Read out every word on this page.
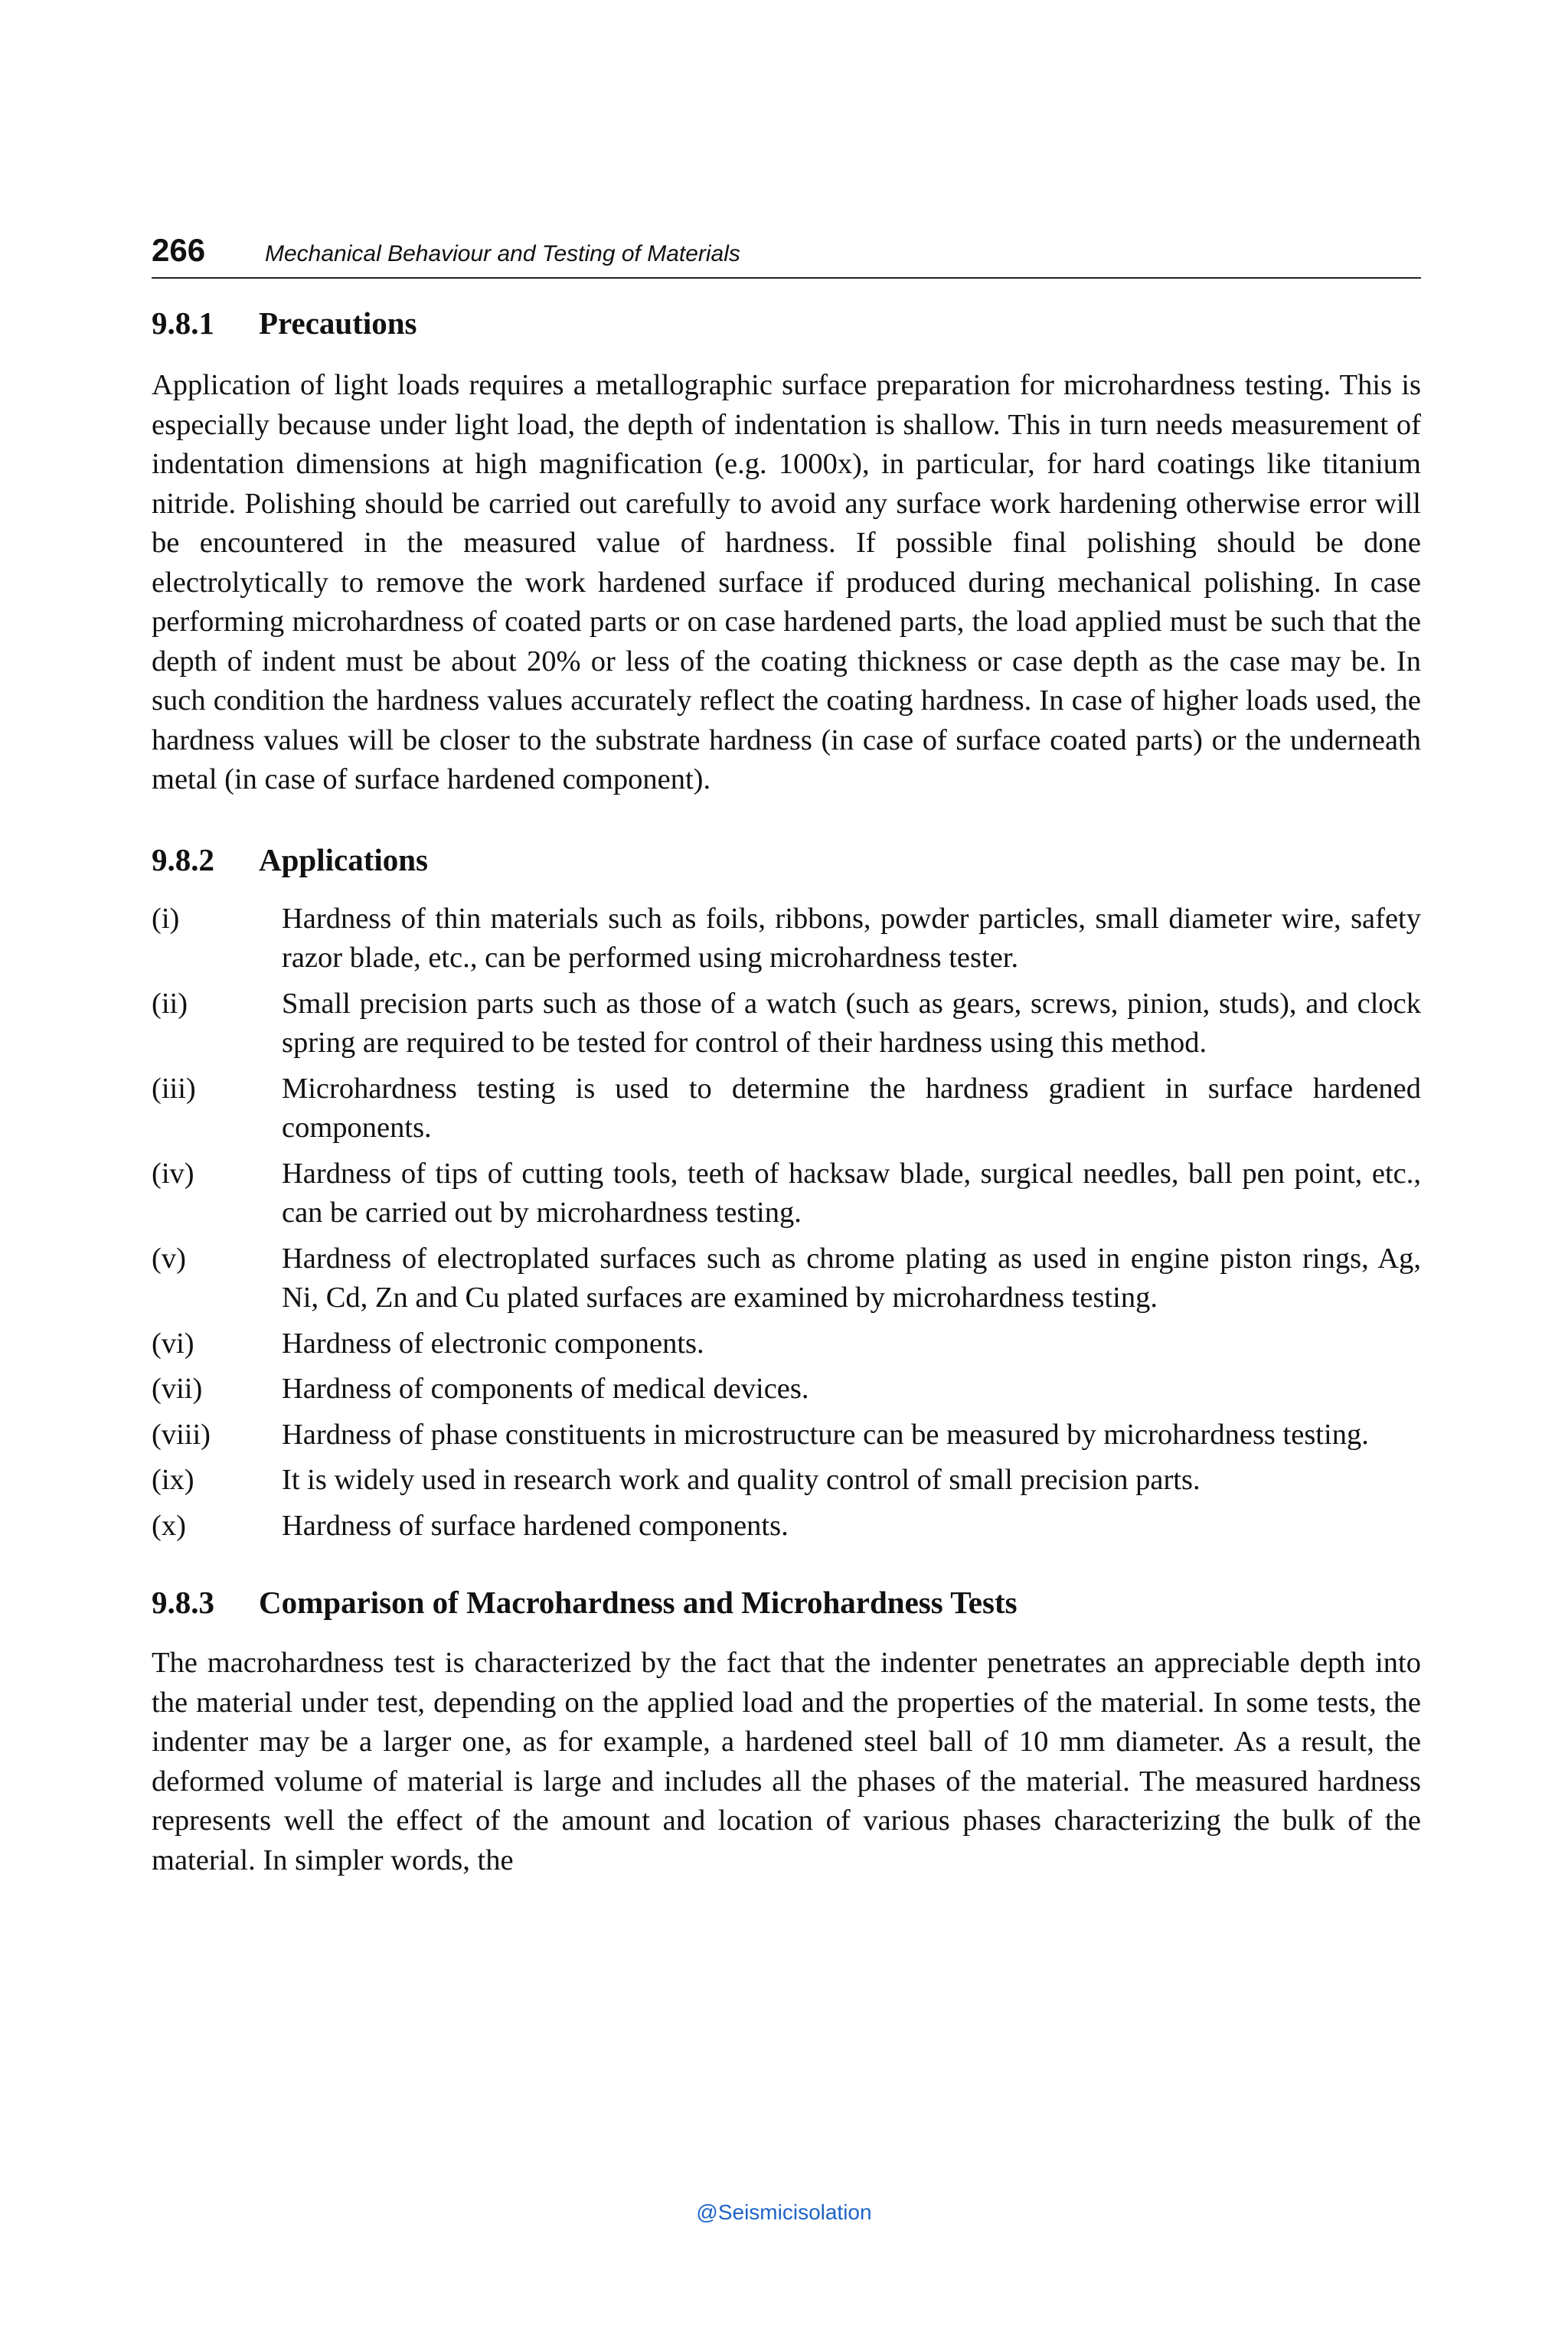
266	Mechanical Behaviour and Testing of Materials
9.8.1 Precautions

Application of light loads requires a metallographic surface preparation for microhardness testing. This is especially because under light load, the depth of indentation is shallow. This in turn needs measurement of indentation dimensions at high magnification (e.g. 1000x), in particular, for hard coatings like titanium nitride. Polishing should be carried out carefully to avoid any surface work hardening otherwise error will be encountered in the measured value of hardness. If possible final polishing should be done electrolytically to remove the work hardened surface if produced during mechanical polishing. In case performing microhardness of coated parts or on case hardened parts, the load applied must be such that the depth of indent must be about 20% or less of the coating thickness or case depth as the case may be. In such condition the hardness values accurately reflect the coating hardness. In case of higher loads used, the hardness values will be closer to the substrate hardness (in case of surface coated parts) or the underneath metal (in case of surface hardened component).

9.8.2 Applications
(i)	Hardness of thin materials such as foils, ribbons, powder particles, small diameter wire, safety razor blade, etc., can be performed using microhardness tester.
(ii)	Small precision parts such as those of a watch (such as gears, screws, pinion, studs), and clock spring are required to be tested for control of their hardness using this method.
(iii)	Microhardness testing is used to determine the hardness gradient in surface hardened components.
(iv)	Hardness of tips of cutting tools, teeth of hacksaw blade, surgical needles, ball pen point, etc., can be carried out by microhardness testing.
(v)	Hardness of electroplated surfaces such as chrome plating as used in engine piston rings, Ag, Ni, Cd, Zn and Cu plated surfaces are examined by microhardness testing.
(vi)	Hardness of electronic components.
(vii)	Hardness of components of medical devices.
(viii)	Hardness of phase constituents in microstructure can be measured by microhardness testing.
(ix)	It is widely used in research work and quality control of small precision parts.
(x)	Hardness of surface hardened components.
9.8.3 Comparison of Macrohardness and Microhardness Tests

The macrohardness test is characterized by the fact that the indenter penetrates an appreciable depth into the material under test, depending on the applied load and the properties of the material. In some tests, the indenter may be a larger one, as for example, a hardened steel ball of 10 mm diameter. As a result, the deformed volume of material is large and includes all the phases of the material. The measured hardness represents well the effect of the amount and location of various phases characterizing the bulk of the material. In simpler words, the

@Seismicisolation
